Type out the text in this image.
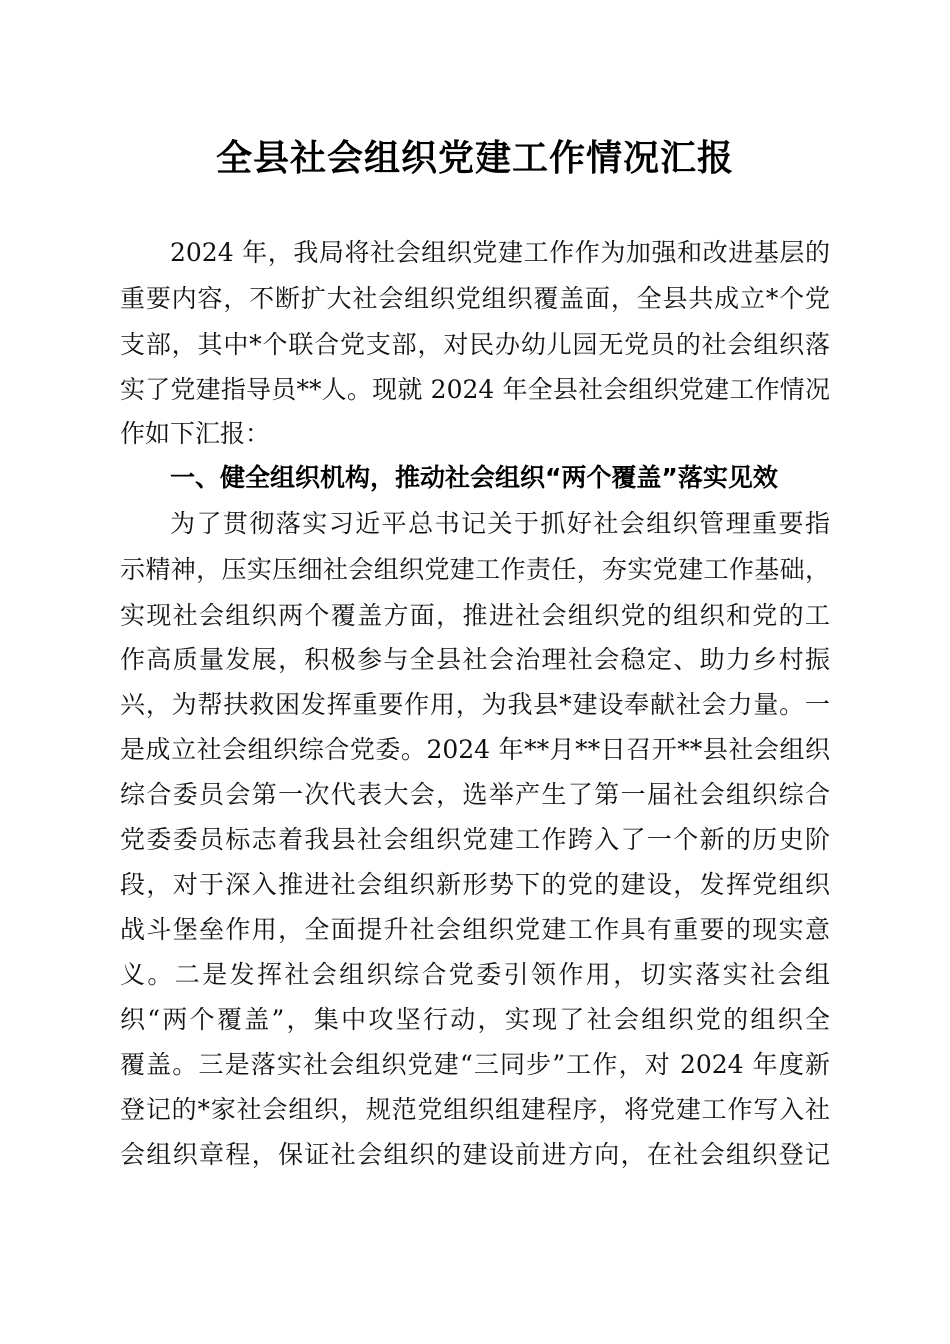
全县社会组织党建工作情况汇报
2024 年，我局将社会组织党建工作作为加强和改进基层的
重要内容，不断扩大社会组织党组织覆盖面，全县共成立*个党
支部，其中*个联合党支部，对民办幼儿园无党员的社会组织落
实了党建指导员**人。现就 2024 年全县社会组织党建工作情况
作如下汇报：
一、健全组织机构，推动社会组织“两个覆盖”落实见效
为了贯彻落实习近平总书记关于抓好社会组织管理重要指
示精神，压实压细社会组织党建工作责任，夯实党建工作基础，
实现社会组织两个覆盖方面，推进社会组织党的组织和党的工
作高质量发展，积极参与全县社会治理社会稳定、助力乡村振
兴，为帮扶救困发挥重要作用，为我县*建设奉献社会力量。一
是成立社会组织综合党委。2024 年**月**日召开**县社会组织
综合委员会第一次代表大会，选举产生了第一届社会组织综合
党委委员标志着我县社会组织党建工作跨入了一个新的历史阶
段，对于深入推进社会组织新形势下的党的建设，发挥党组织
战斗堡垒作用，全面提升社会组织党建工作具有重要的现实意
义。二是发挥社会组织综合党委引领作用，切实落实社会组
织“两个覆盖”，集中攻坚行动，实现了社会组织党的组织全
覆盖。三是落实社会组织党建“三同步”工作，对 2024 年度新
登记的*家社会组织，规范党组织组建程序，将党建工作写入社
会组织章程，保证社会组织的建设前进方向，在社会组织登记
